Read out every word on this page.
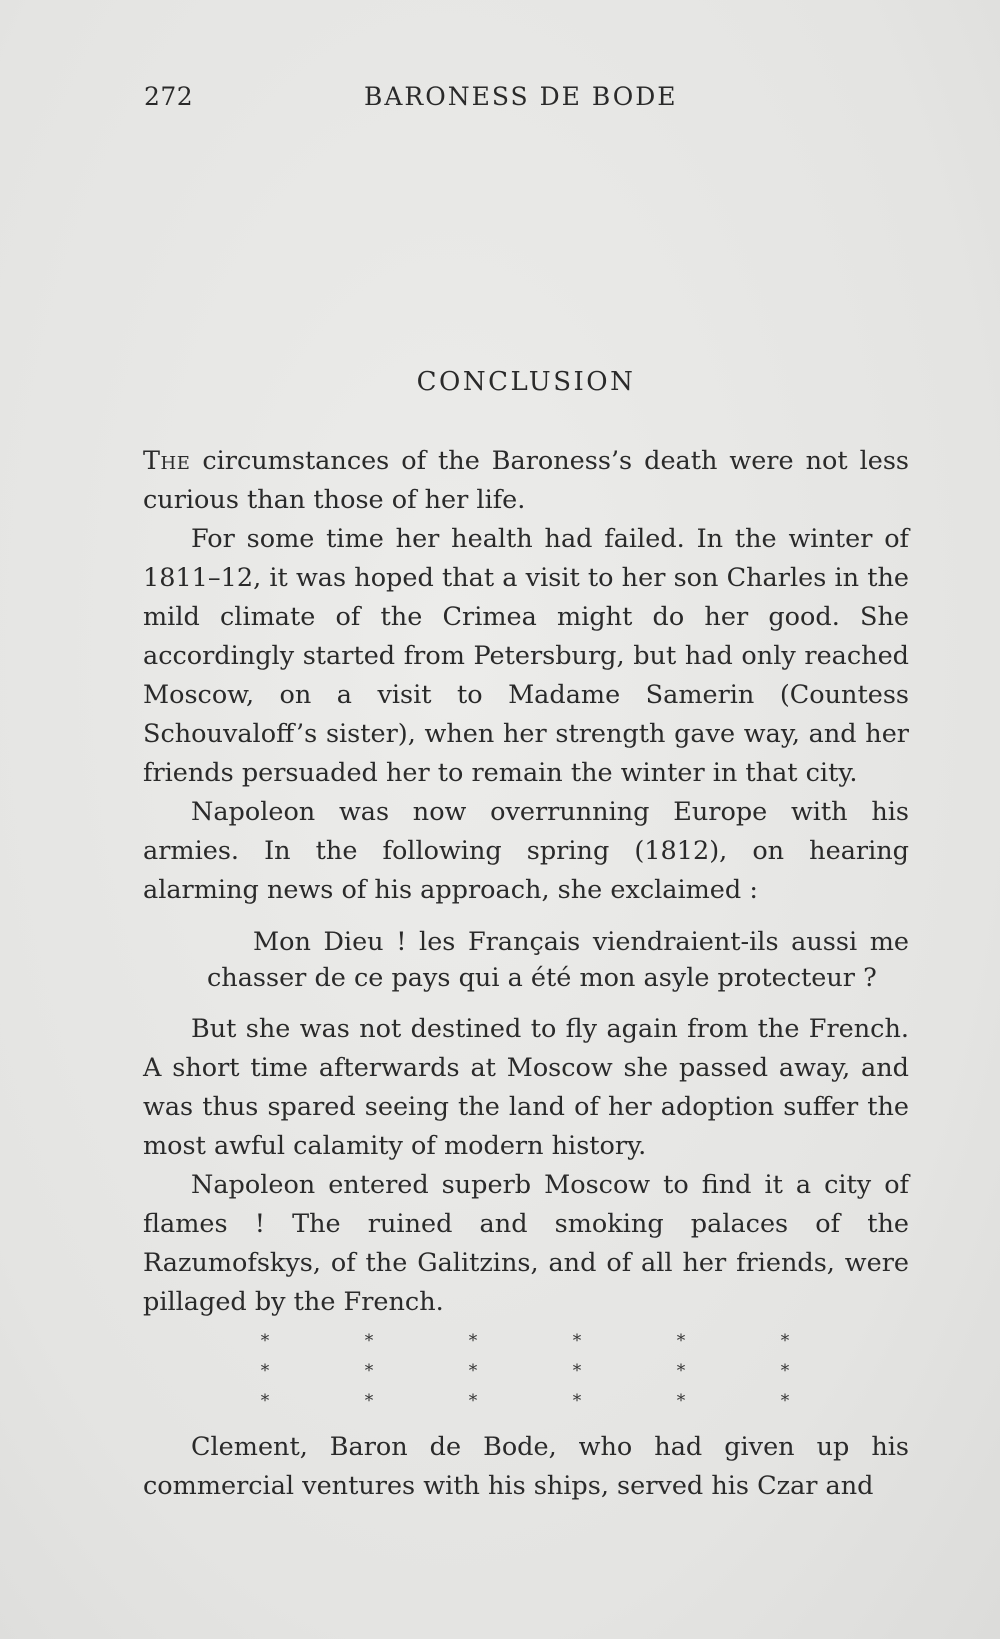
272	BARONESS DE BODE
CONCLUSION

The circumstances of the Baroness’s death were not less curious than those of her life.

For some time her health had failed. In the winter of 1811–12, it was hoped that a visit to her son Charles in the mild climate of the Crimea might do her good. She accordingly started from Petersburg, but had only reached Moscow, on a visit to Madame Samerin (Countess Schouvaloff’s sister), when her strength gave way, and her friends persuaded her to remain the winter in that city.

Napoleon was now overrunning Europe with his armies. In the following spring (1812), on hearing alarming news of his approach, she exclaimed :

Mon Dieu ! les Français viendraient-ils aussi me chasser de ce pays qui a été mon asyle protecteur ?

But she was not destined to fly again from the French. A short time afterwards at Moscow she passed away, and was thus spared seeing the land of her adoption suffer the most awful calamity of modern history.

Napoleon entered superb Moscow to find it a city of flames ! The ruined and smoking palaces of the Razumofskys, of the Galitzins, and of all her friends, were pillaged by the French.

*	*	*	*	*	*
*	*	*	*	*	*
*	*	*	*	*	*

Clement, Baron de Bode, who had given up his commercial ventures with his ships, served his Czar and
